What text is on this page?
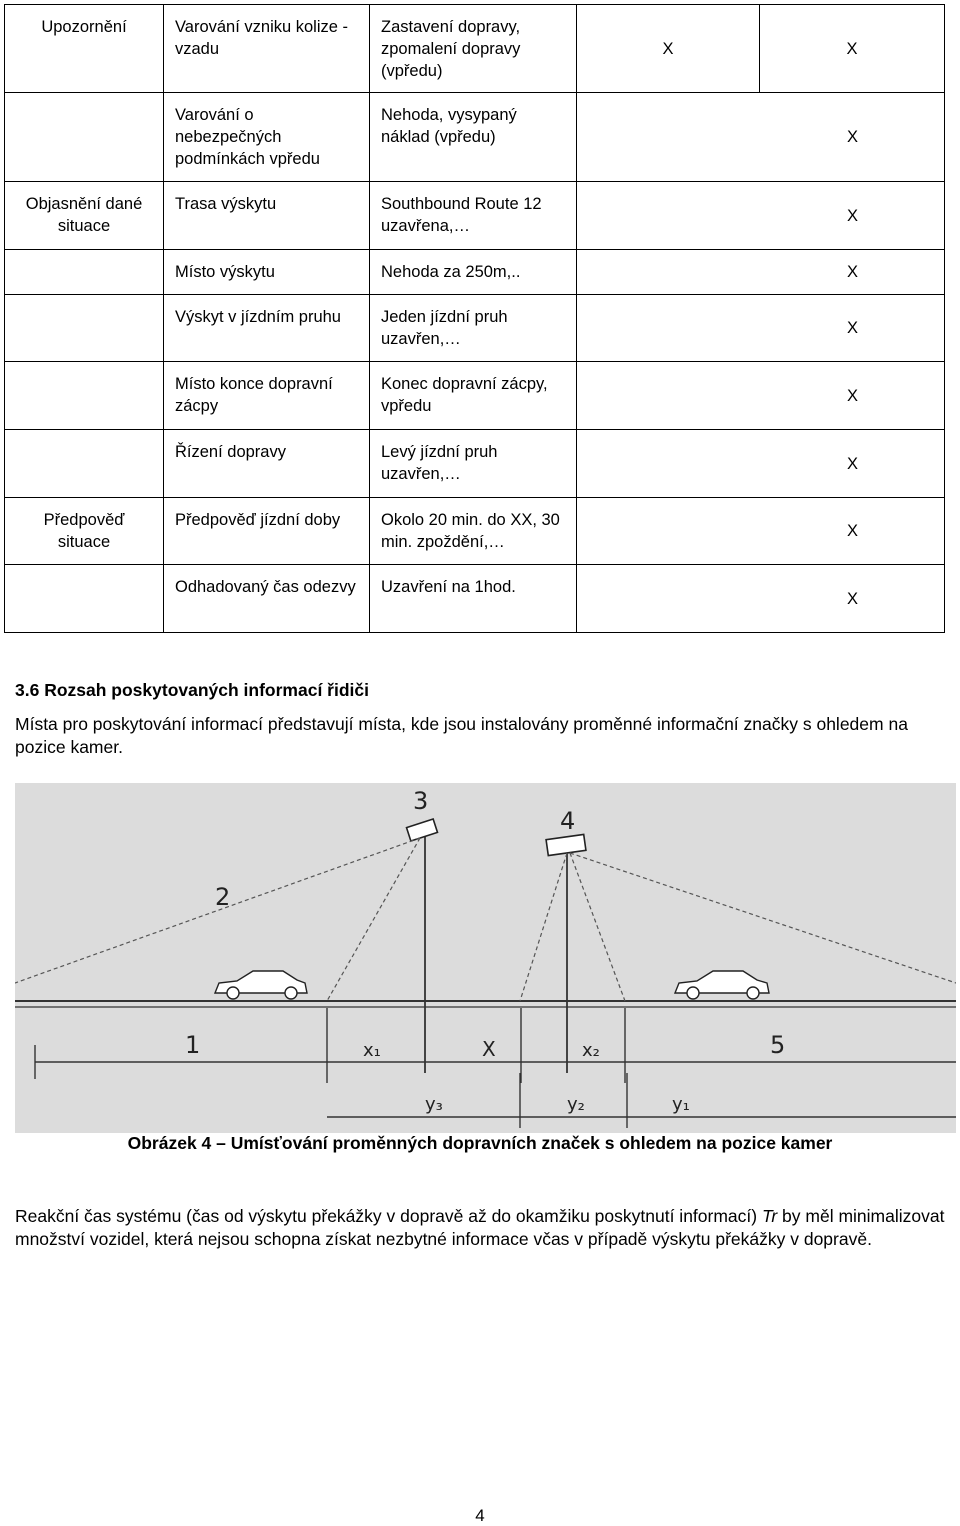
Upozornění	Varování vzniku kolize - vzadu	Zastavení dopravy, zpomalení dopravy (vpředu)	X	X
	Varování o nebezpečných podmínkách vpředu	Nehoda, vysypaný náklad (vpředu)	X	
Objasnění dané situace	Trasa výskytu	Southbound Route 12 uzavřena,…	X	
	Místo výskytu	Nehoda za 250m,..	X	
	Výskyt v jízdním pruhu	Jeden jízdní pruh uzavřen,…	X	
	Místo konce dopravní zácpy	Konec dopravní zácpy, vpředu	X	
	Řízení dopravy	Levý jízdní pruh uzavřen,…	X	
Předpověď situace	Předpověď jízdní doby	Okolo 20 min. do XX, 30 min. zpoždění,…	X	
	Odhadovaný čas odezvy	Uzavření na 1hod.	X	
3.6 Rozsah poskytovaných informací řidiči
Místa pro poskytování informací představují místa, kde jsou instalovány proměnné informační značky s ohledem na pozice kamer.
3
4
2
1	5
x₁	X	x₂
y₃	y₂	y₁
Obrázek 4 – Umísťování proměnných dopravních značek s ohledem na pozice kamer
Reakční čas systému (čas od výskytu překážky v dopravě až do okamžiku poskytnutí informací) Tr by měl minimalizovat množství vozidel, která nejsou schopna získat nezbytné informace včas v případě výskytu překážky v dopravě.
4
